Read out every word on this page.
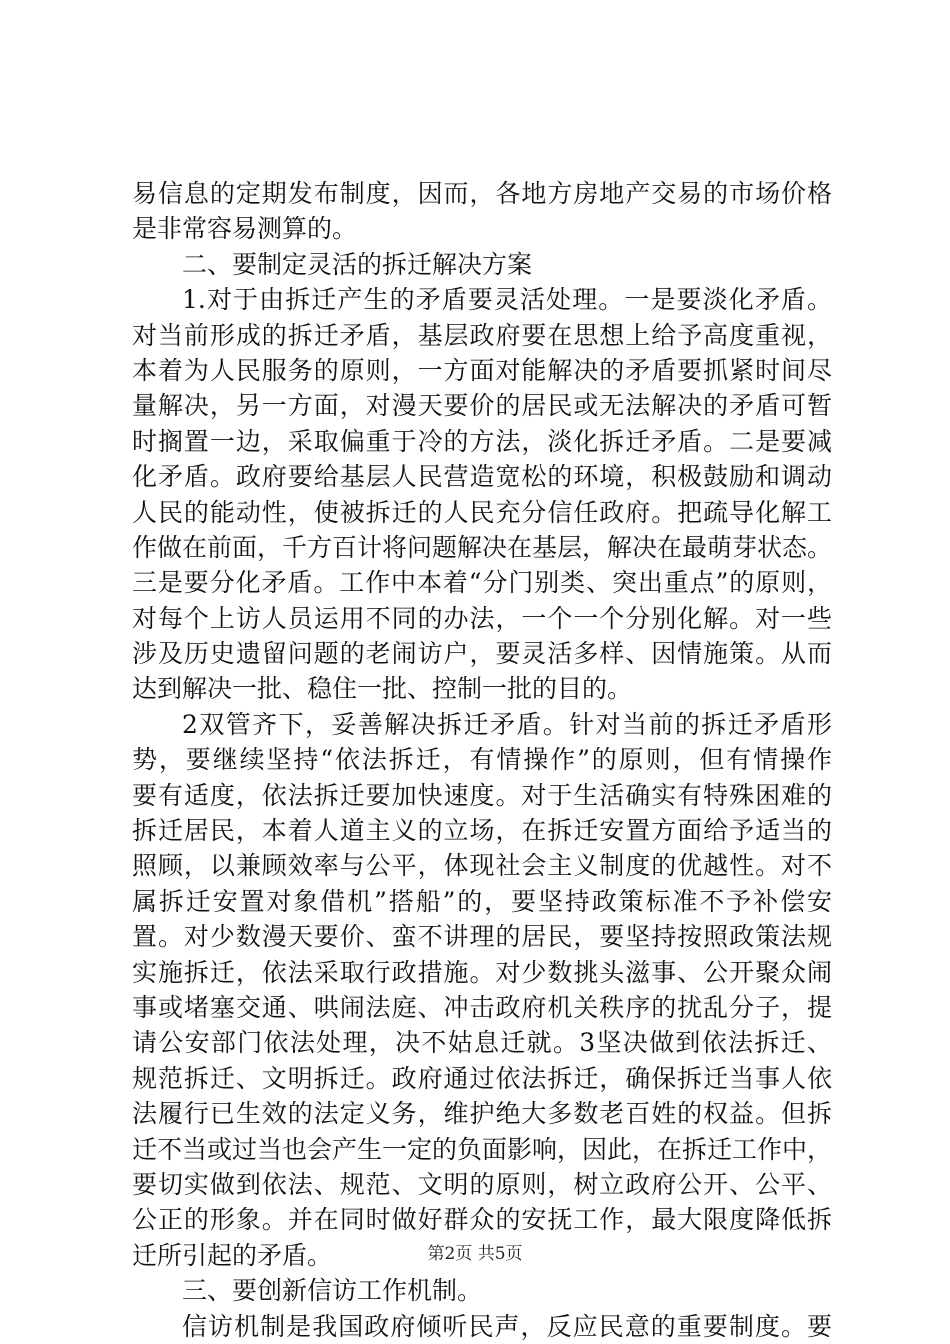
易信息的定期发布制度，因而，各地方房地产交易的市场价格
是非常容易测算的。
二、要制定灵活的拆迁解决方案
1.对于由拆迁产生的矛盾要灵活处理。一是要淡化矛盾。
对当前形成的拆迁矛盾，基层政府要在思想上给予高度重视，
本着为人民服务的原则，一方面对能解决的矛盾要抓紧时间尽
量解决，另一方面，对漫天要价的居民或无法解决的矛盾可暂
时搁置一边，采取偏重于冷的方法，淡化拆迁矛盾。二是要减
化矛盾。政府要给基层人民营造宽松的环境，积极鼓励和调动
人民的能动性，使被拆迁的人民充分信任政府。把疏导化解工
作做在前面，千方百计将问题解决在基层，解决在最萌芽状态。
三是要分化矛盾。工作中本着“分门别类、突出重点”的原则，
对每个上访人员运用不同的办法，一个一个分别化解。对一些
涉及历史遗留问题的老闹访户，要灵活多样、因情施策。从而
达到解决一批、稳住一批、控制一批的目的。
2双管齐下，妥善解决拆迁矛盾。针对当前的拆迁矛盾形
势，要继续坚持“依法拆迁，有情操作”的原则，但有情操作
要有适度，依法拆迁要加快速度。对于生活确实有特殊困难的
拆迁居民，本着人道主义的立场，在拆迁安置方面给予适当的
照顾，以兼顾效率与公平，体现社会主义制度的优越性。对不
属拆迁安置对象借机”搭船”的，要坚持政策标准不予补偿安
置。对少数漫天要价、蛮不讲理的居民，要坚持按照政策法规
实施拆迁，依法采取行政措施。对少数挑头滋事、公开聚众闹
事或堵塞交通、哄闹法庭、冲击政府机关秩序的扰乱分子，提
请公安部门依法处理，决不姑息迁就。3坚决做到依法拆迁、
规范拆迁、文明拆迁。政府通过依法拆迁，确保拆迁当事人依
法履行已生效的法定义务，维护绝大多数老百姓的权益。但拆
迁不当或过当也会产生一定的负面影响，因此，在拆迁工作中，
要切实做到依法、规范、文明的原则，树立政府公开、公平、
公正的形象。并在同时做好群众的安抚工作，最大限度降低拆
迁所引起的矛盾。
三、要创新信访工作机制。
信访机制是我国政府倾听民声，反应民意的重要制度。要
第2页 共5页
